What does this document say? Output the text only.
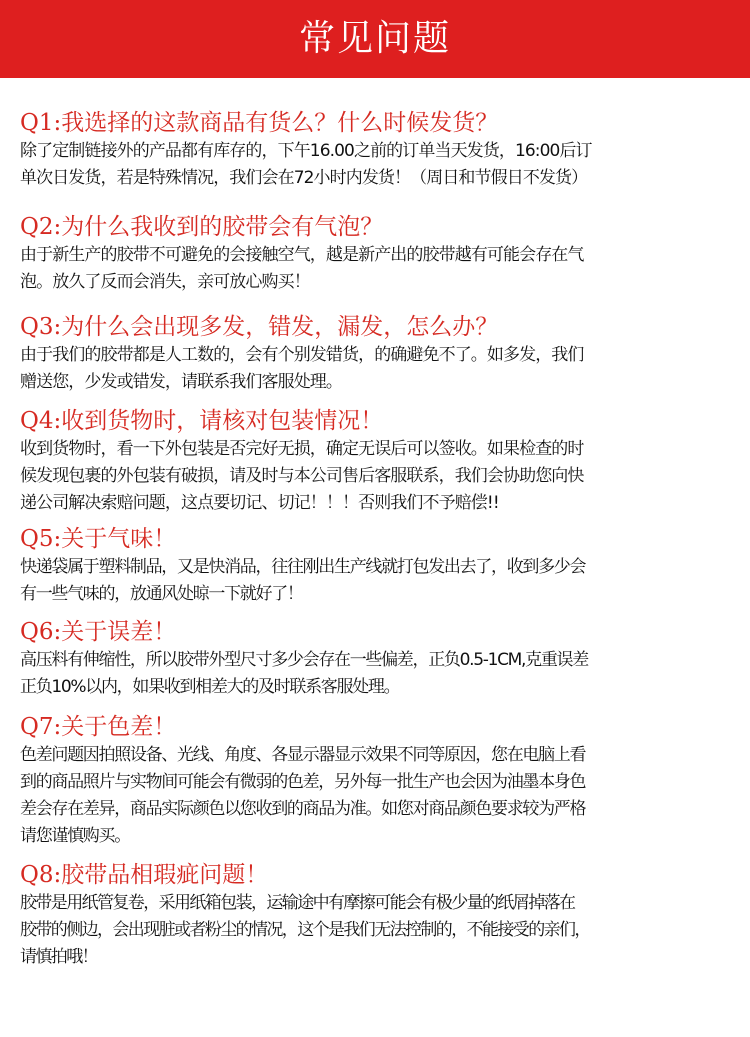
常见问题
Q1:我选择的这款商品有货么？什么时候发货？
除了定制链接外的产品都有库存的，下午16.00之前的订单当天发货，16:00后订
单次日发货，若是特殊情况，我们会在72小时内发货！（周日和节假日不发货）
Q2:为什么我收到的胶带会有气泡？
由于新生产的胶带不可避免的会接触空气，越是新产出的胶带越有可能会存在气
泡。放久了反而会消失，亲可放心购买！
Q3:为什么会出现多发，错发，漏发，怎么办？
由于我们的胶带都是人工数的，会有个别发错货，的确避免不了。如多发，我们
赠送您，少发或错发，请联系我们客服处理。
Q4:收到货物时，请核对包装情况！
收到货物时，看一下外包装是否完好无损，确定无误后可以签收。如果检查的时
候发现包裹的外包装有破损，请及时与本公司售后客服联系，我们会协助您向快
递公司解决索赔问题，这点要切记、切记！！！否则我们不予赔偿!!
Q5:关于气味！
快递袋属于塑料制品，又是快消品，往往刚出生产线就打包发出去了，收到多少会
有一些气味的，放通风处晾一下就好了！
Q6:关于误差！
高压料有伸缩性，所以胶带外型尺寸多少会存在一些偏差，正负0.5-1CM,克重误差
正负10%以内，如果收到相差大的及时联系客服处理。
Q7:关于色差！
色差问题因拍照设备、光线、角度、各显示器显示效果不同等原因，您在电脑上看
到的商品照片与实物间可能会有微弱的色差，另外每一批生产也会因为油墨本身色
差会存在差异，商品实际颜色以您收到的商品为准。如您对商品颜色要求较为严格
请您谨慎购买。
Q8:胶带品相瑕疵问题！
胶带是用纸管复卷，采用纸箱包装，运输途中有摩擦可能会有极少量的纸屑掉落在
胶带的侧边，会出现脏或者粉尘的情况，这个是我们无法控制的，不能接受的亲们，
请慎拍哦！
